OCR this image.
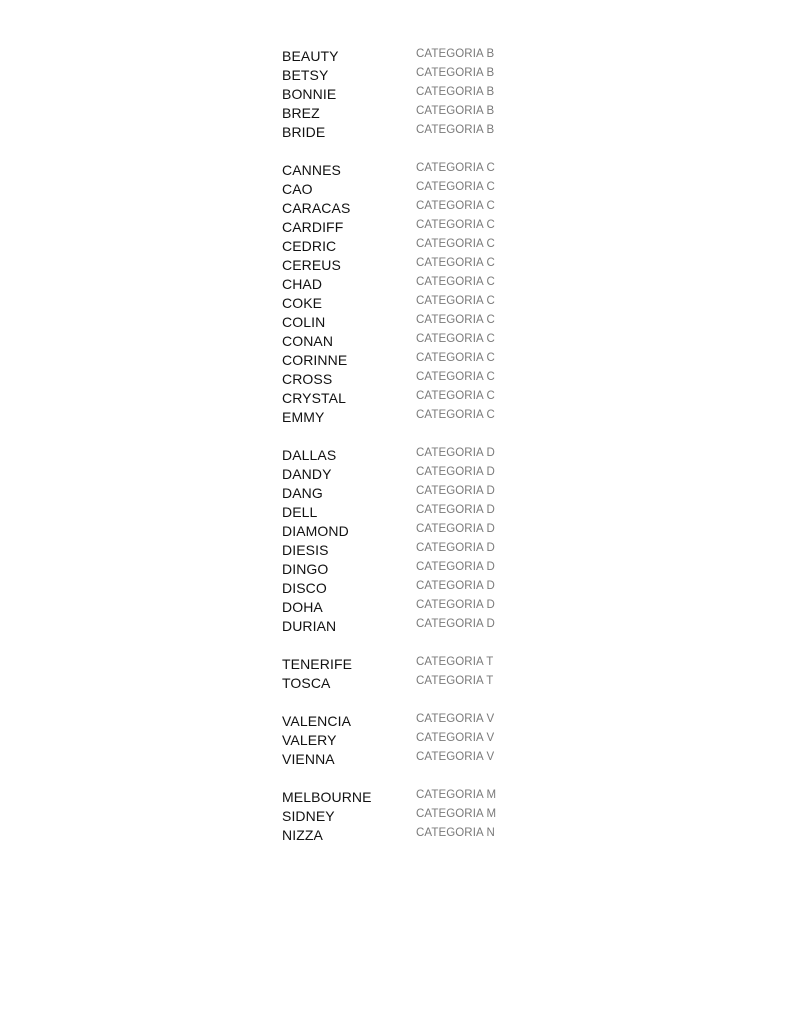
BEAUTY	CATEGORIA B
BETSY	CATEGORIA B
BONNIE	CATEGORIA B
BREZ	CATEGORIA B
BRIDE	CATEGORIA B
CANNES	CATEGORIA C
CAO	CATEGORIA C
CARACAS	CATEGORIA C
CARDIFF	CATEGORIA C
CEDRIC	CATEGORIA C
CEREUS	CATEGORIA C
CHAD	CATEGORIA C
COKE	CATEGORIA C
COLIN	CATEGORIA C
CONAN	CATEGORIA C
CORINNE	CATEGORIA C
CROSS	CATEGORIA C
CRYSTAL	CATEGORIA C
EMMY	CATEGORIA C
DALLAS	CATEGORIA D
DANDY	CATEGORIA D
DANG	CATEGORIA D
DELL	CATEGORIA D
DIAMOND	CATEGORIA D
DIESIS	CATEGORIA D
DINGO	CATEGORIA D
DISCO	CATEGORIA D
DOHA	CATEGORIA D
DURIAN	CATEGORIA D
TENERIFE	CATEGORIA T
TOSCA	CATEGORIA T
VALENCIA	CATEGORIA V
VALERY	CATEGORIA V
VIENNA	CATEGORIA V
MELBOURNE	CATEGORIA M
SIDNEY	CATEGORIA M
NIZZA	CATEGORIA N
